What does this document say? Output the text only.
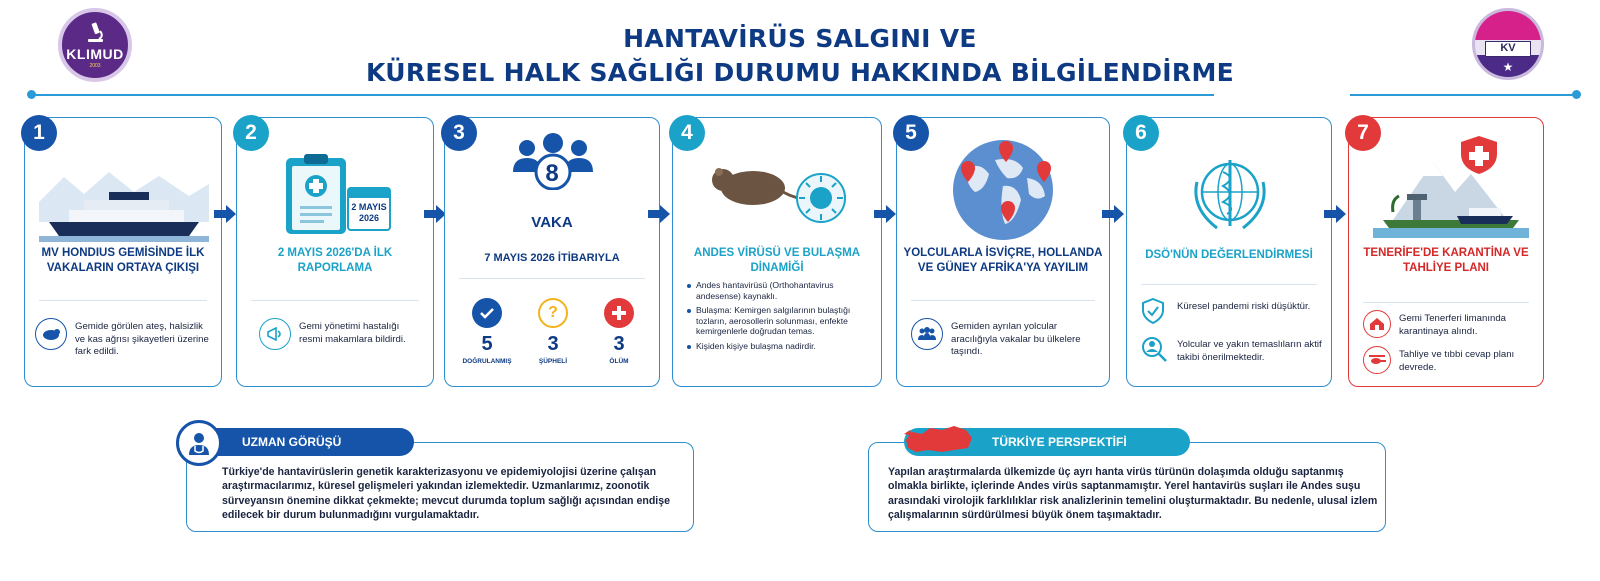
KLIMUD
2003
KV
★
HANTAVİRÜS SALGINI VE
KÜRESEL HALK SAĞLIĞI DURUMU HAKKINDA BİLGİLENDİRME
1
MV HONDIUS GEMİSİNDE İLK VAKALARIN ORTAYA ÇIKIŞI
Gemide görülen ateş, halsizlik ve kas ağrısı şikayetleri üzerine fark edildi.
2
2 MAYIS 2026
2 MAYIS 2026'DA İLK RAPORLAMA
Gemi yönetimi hastalığı resmi makamlara bildirdi.
3
8
VAKA
7 MAYIS 2026 İTİBARIYLA
5
DOĞRULANMIŞ
?
3
ŞÜPHELİ
3
ÖLÜM
4
ANDES VİRÜSÜ VE BULAŞMA DİNAMİĞİ
Andes hantavirüsü (Orthohantavirus andesense) kaynaklı.
Bulaşma: Kemirgen salgılarının bulaştığı tozların, aerosollerin solunması, enfekte kemirgenlerle doğrudan temas.
Kişiden kişiye bulaşma nadirdir.
5
YOLCULARLA İSVİÇRE, HOLLANDA VE GÜNEY AFRİKA'YA YAYILIM
Gemiden ayrılan yolcular aracılığıyla vakalar bu ülkelere taşındı.
6
DSÖ'NÜN DEĞERLENDİRMESİ
Küresel pandemi riski düşüktür.
Yolcular ve yakın temaslıların aktif takibi önerilmektedir.
7
TENERİFE'DE KARANTİNA VE TAHLİYE PLANI
Gemi Tenerferi limanında karantinaya alındı.
Tahliye ve tıbbi cevap planı devrede.
UZMAN GÖRÜŞÜ
Türkiye'de hantavirüslerin genetik karakterizasyonu ve epidemiyolojisi üzerine çalışan araştırmacılarımız, küresel gelişmeleri yakından izlemektedir. Uzmanlarımız, zoonotik sürveyansın önemine dikkat çekmekte; mevcut durumda toplum sağlığı açısından endişe edilecek bir durum bulunmadığını vurgulamaktadır.
TÜRKİYE PERSPEKTİFİ
Yapılan araştırmalarda ülkemizde üç ayrı hanta virüs türünün dolaşımda olduğu saptanmış olmakla birlikte, içlerinde Andes virüs saptanmamıştır. Yerel hantavirüs suşları ile Andes suşu arasındaki virolojik farklılıklar risk analizlerinin temelini oluşturmaktadır. Bu nedenle, ulusal izlem çalışmalarının sürdürülmesi büyük önem taşımaktadır.
